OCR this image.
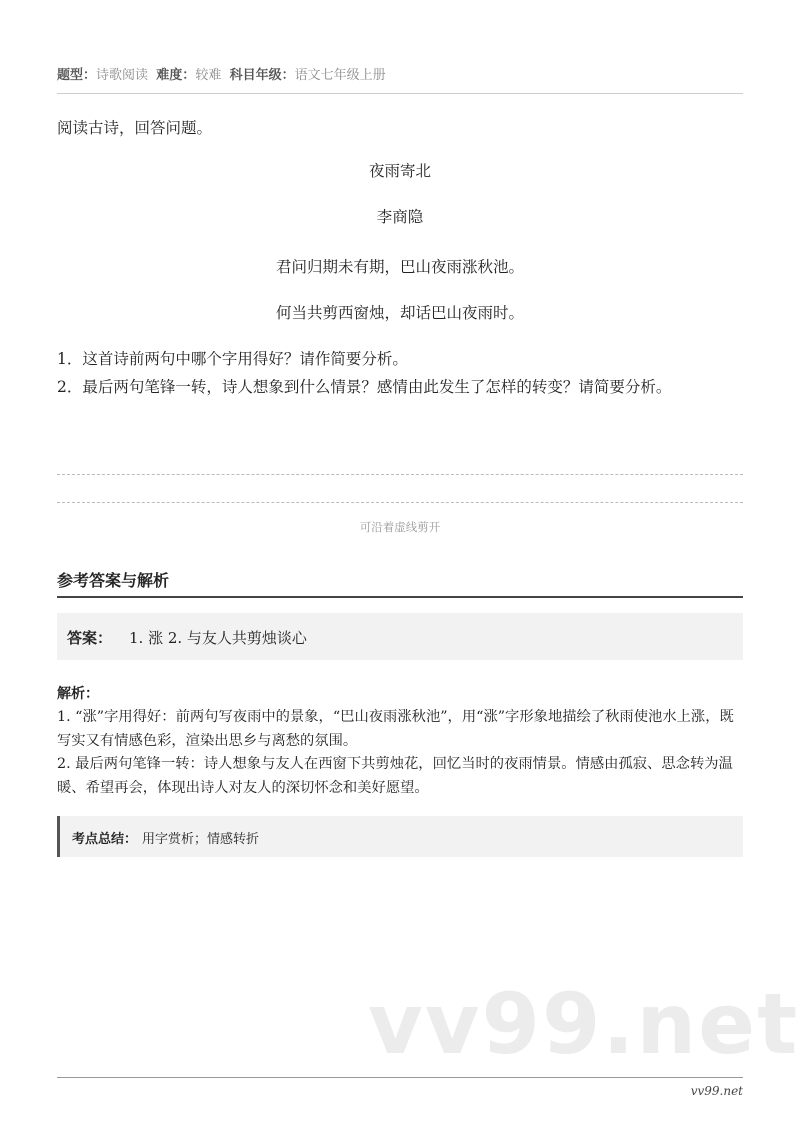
题型：诗歌阅读 难度：较难 科目年级：语文七年级上册
阅读古诗，回答问题。
夜雨寄北
李商隐
君问归期未有期，巴山夜雨涨秋池。
何当共剪西窗烛，却话巴山夜雨时。
1．这首诗前两句中哪个字用得好？请作简要分析。
2．最后两句笔锋一转，诗人想象到什么情景？感情由此发生了怎样的转变？请简要分析。
可沿着虚线剪开
参考答案与解析
答案： 1. 涨 2. 与友人共剪烛谈心
解析：
1. “涨”字用得好：前两句写夜雨中的景象，“巴山夜雨涨秋池”，用“涨”字形象地描绘了秋雨使池水上涨，既写实又有情感色彩，渲染出思乡与离愁的氛围。
2. 最后两句笔锋一转：诗人想象与友人在西窗下共剪烛花，回忆当时的夜雨情景。情感由孤寂、思念转为温暖、希望再会，体现出诗人对友人的深切怀念和美好愿望。
考点总结： 用字赏析；情感转折
vv99.net
vv99.net
